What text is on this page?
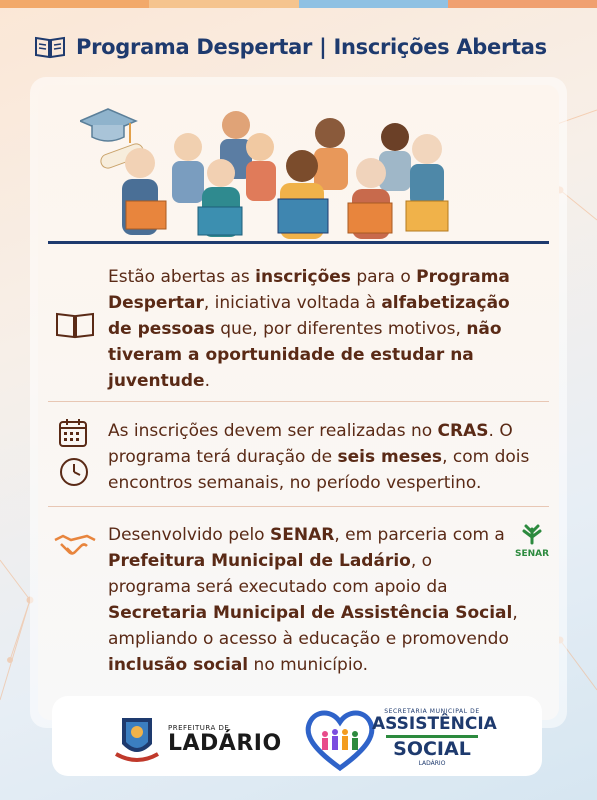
Programa Despertar | Inscrições Abertas
Estão abertas as inscrições para o Programa Despertar, iniciativa voltada à alfabetização de pessoas que, por diferentes motivos, não tiveram a oportunidade de estudar na juventude.
As inscrições devem ser realizadas no CRAS. O programa terá duração de seis meses, com dois encontros semanais, no período vespertino.
Desenvolvido pelo SENAR, em parceria com a Prefeitura Municipal de Ladário, o programa será executado com apoio da Secretaria Municipal de Assistência Social, ampliando o acesso à educação e promovendo inclusão social no município.
SENAR
PREFEITURA DE
LADÁRIO
SECRETARIA MUNICIPAL DE
ASSISTÊNCIA
SOCIAL
LADÁRIO
